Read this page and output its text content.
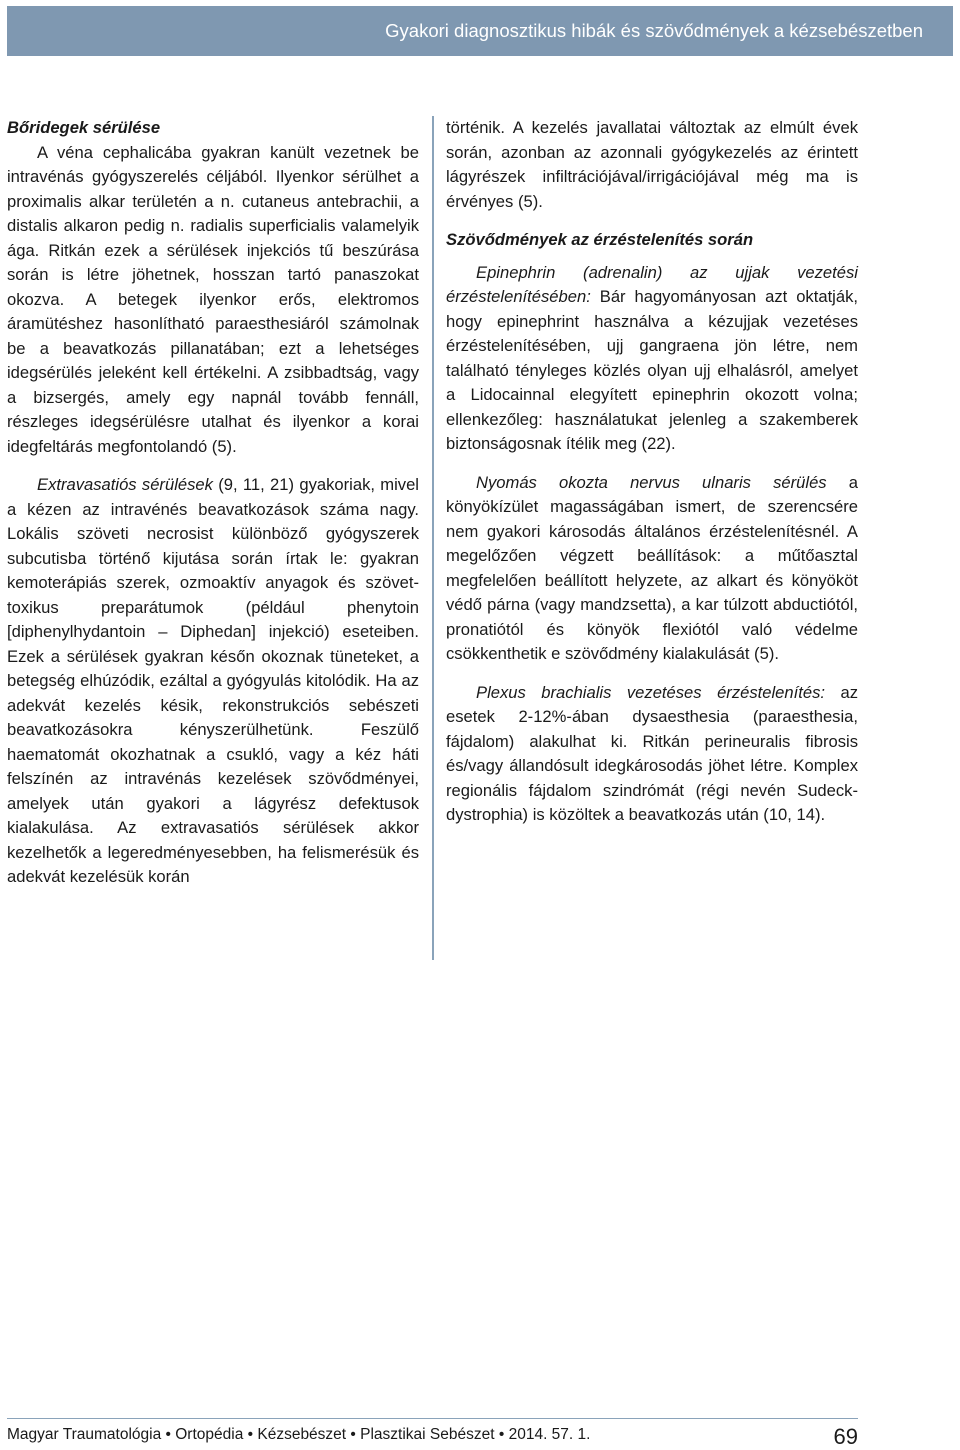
Gyakori diagnosztikus hibák és szövődmények a kézsebészetben

Bőridegek sérülése

A véna cephalicába gyakran kanült vezetnek be intravénás gyógyszerelés céljából. Ilyenkor sérülhet a proximalis alkar területén a n. cutaneus antebrachii, a distalis alkaron pedig n. radialis superficialis valamelyik ága. Ritkán ezek a sérülések injekciós tű beszúrása során is létre jöhetnek, hosszan tartó panaszokat okozva. A betegek ilyenkor erős, elektromos áramütéshez hasonlítható paraesthesiáról számolnak be a beavatkozás pillanatában; ezt a lehetséges idegsérülés jeleként kell értékelni. A zsibbadtság, vagy a bizsergés, amely egy napnál tovább fennáll, részleges idegsérülésre utalhat és ilyenkor a korai idegfeltárás megfontolandó (5).

Extravasatiós sérülések (9, 11, 21) gyakoriak, mivel a kézen az intravénés beavatkozások száma nagy. Lokális szöveti necrosist különböző gyógyszerek subcutisba történő kijutása során írtak le: gyakran kemoterápiás szerek, ozmoaktív anyagok és szövet-toxikus preparátumok (például phenytoin [diphenylhydantoin – Diphedan] injekció) eseteiben. Ezek a sérülések gyakran későn okoznak tüneteket, a betegség elhúzódik, ezáltal a gyógyulás kitolódik. Ha az adekvát kezelés késik, rekonstrukciós sebészeti beavatkozásokra kényszerülhetünk. Feszülő haematomát okozhatnak a csukló, vagy a kéz háti felszínén az intravénás kezelések szövődményei, amelyek után gyakori a lágyrész defektusok kialakulása. Az extravasatiós sérülések akkor kezelhetők a legeredményesebben, ha felismerésük és adekvát kezelésük korán

történik. A kezelés javallatai változtak az elmúlt évek során, azonban az azonnali gyógykezelés az érintett lágyrészek infiltrációjával/irrigációjával még ma is érvényes (5).

Szövődmények az érzéstelenítés során

Epinephrin (adrenalin) az ujjak vezetési érzéstelenítésében: Bár hagyományosan azt oktatják, hogy epinephrint használva a kézujjak vezetéses érzéstelenítésében, ujj gangraena jön létre, nem található tényleges közlés olyan ujj elhalásról, amelyet a Lidocainnal elegyített epinephrin okozott volna; ellenkezőleg: használatukat jelenleg a szakemberek biztonságosnak ítélik meg (22).

Nyomás okozta nervus ulnaris sérülés a könyökízület magasságában ismert, de szerencsére nem gyakori károsodás általános érzéstelenítésnél. A megelőzően végzett beállítások: a műtőasztal megfelelően beállított helyzete, az alkart és könyököt védő párna (vagy mandzsetta), a kar túlzott abductiótól, pronatiótól és könyök flexiótól való védelme csökkenthetik e szövődmény kialakulását (5).

Plexus brachialis vezetéses érzéstelenítés: az esetek 2-12%-ában dysaesthesia (paraesthesia, fájdalom) alakulhat ki. Ritkán perineuralis fibrosis és/vagy állandósult idegkárosodás jöhet létre. Komplex regionális fájdalom szindrómát (régi nevén Sudeck-dystrophia) is közöltek a beavatkozás után (10, 14).

Magyar Traumatológia • Ortopédia • Kézsebészet • Plasztikai Sebészet • 2014. 57. 1.	69
